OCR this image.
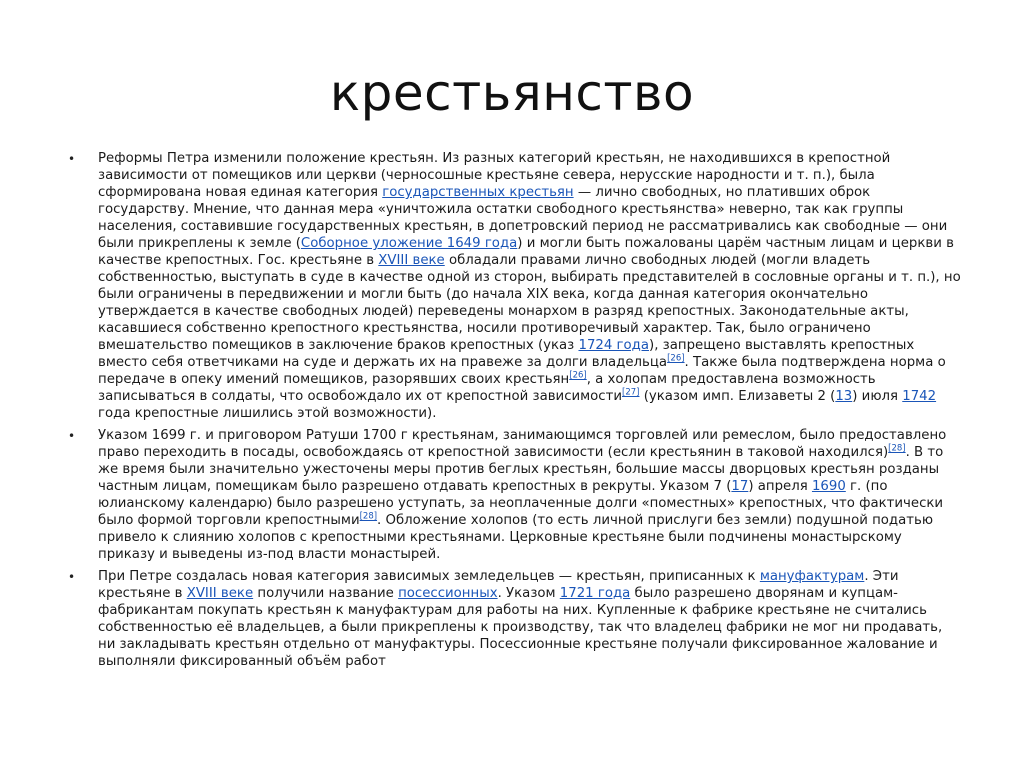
крестьянство
• Реформы Петра изменили положение крестьян. Из разных категорий крестьян, не находившихся в крепостной зависимости от помещиков или церкви (черносошные крестьяне севера, нерусские народности и т. п.), была сформирована новая единая категория государственных крестьян — лично свободных, но плативших оброк государству. Мнение, что данная мера «уничтожила остатки свободного крестьянства» неверно, так как группы населения, составившие государственных крестьян, в допетровский период не рассматривались как свободные — они были прикреплены к земле (Соборное уложение 1649 года) и могли быть пожалованы царём частным лицам и церкви в качестве крепостных. Гос. крестьяне в XVIII веке обладали правами лично свободных людей (могли владеть собственностью, выступать в суде в качестве одной из сторон, выбирать представителей в сословные органы и т. п.), но были ограничены в передвижении и могли быть (до начала XIX века, когда данная категория окончательно утверждается в качестве свободных людей) переведены монархом в разряд крепостных. Законодательные акты, касавшиеся собственно крепостного крестьянства, носили противоречивый характер. Так, было ограничено вмешательство помещиков в заключение браков крепостных (указ 1724 года), запрещено выставлять крепостных вместо себя ответчиками на суде и держать их на правеже за долги владельца[26]. Также была подтверждена норма о передаче в опеку имений помещиков, разорявших своих крестьян[26], а холопам предоставлена возможность записываться в солдаты, что освобождало их от крепостной зависимости[27] (указом имп. Елизаветы 2 (13) июля 1742 года крепостные лишились этой возможности).
• Указом 1699 г. и приговором Ратуши 1700 г крестьянам, занимающимся торговлей или ремеслом, было предоставлено право переходить в посады, освобождаясь от крепостной зависимости (если крестьянин в таковой находился)[28]. В то же время были значительно ужесточены меры против беглых крестьян, большие массы дворцовых крестьян розданы частным лицам, помещикам было разрешено отдавать крепостных в рекруты. Указом 7 (17) апреля 1690 г. (по юлианскому календарю) было разрешено уступать, за неоплаченные долги «поместных» крепостных, что фактически было формой торговли крепостными[28]. Обложение холопов (то есть личной прислуги без земли) подушной податью привело к слиянию холопов с крепостными крестьянами. Церковные крестьяне были подчинены монастырскому приказу и выведены из-под власти монастырей.
• При Петре создалась новая категория зависимых земледельцев — крестьян, приписанных к мануфактурам. Эти крестьяне в XVIII веке получили название посессионных. Указом 1721 года было разрешено дворянам и купцам-фабрикантам покупать крестьян к мануфактурам для работы на них. Купленные к фабрике крестьяне не считались собственностью её владельцев, а были прикреплены к производству, так что владелец фабрики не мог ни продавать, ни закладывать крестьян отдельно от мануфактуры. Посессионные крестьяне получали фиксированное жалование и выполняли фиксированный объём работ
